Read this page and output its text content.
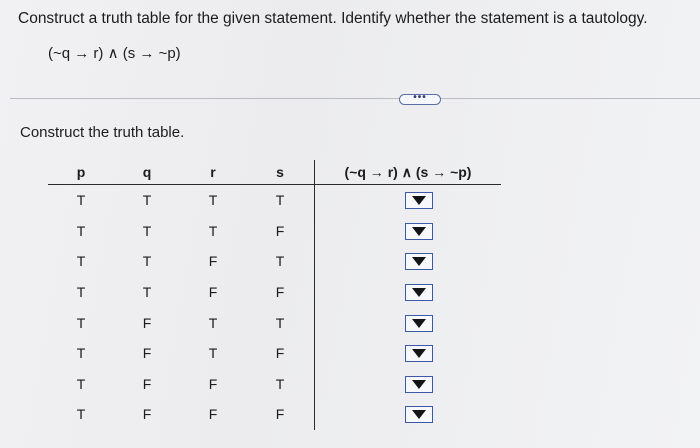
Construct a truth table for the given statement. Identify whether the statement is a tautology.
(~q → r) ∧ (s → ~p)
•••
Construct the truth table.
p	q	r	s	(~q → r) ∧ (s → ~p)
T	T	T	T	

T	T	T	F	

T	T	F	T	

T	T	F	F	

T	F	T	T	

T	F	T	F	

T	F	F	T	

T	F	F	F	
